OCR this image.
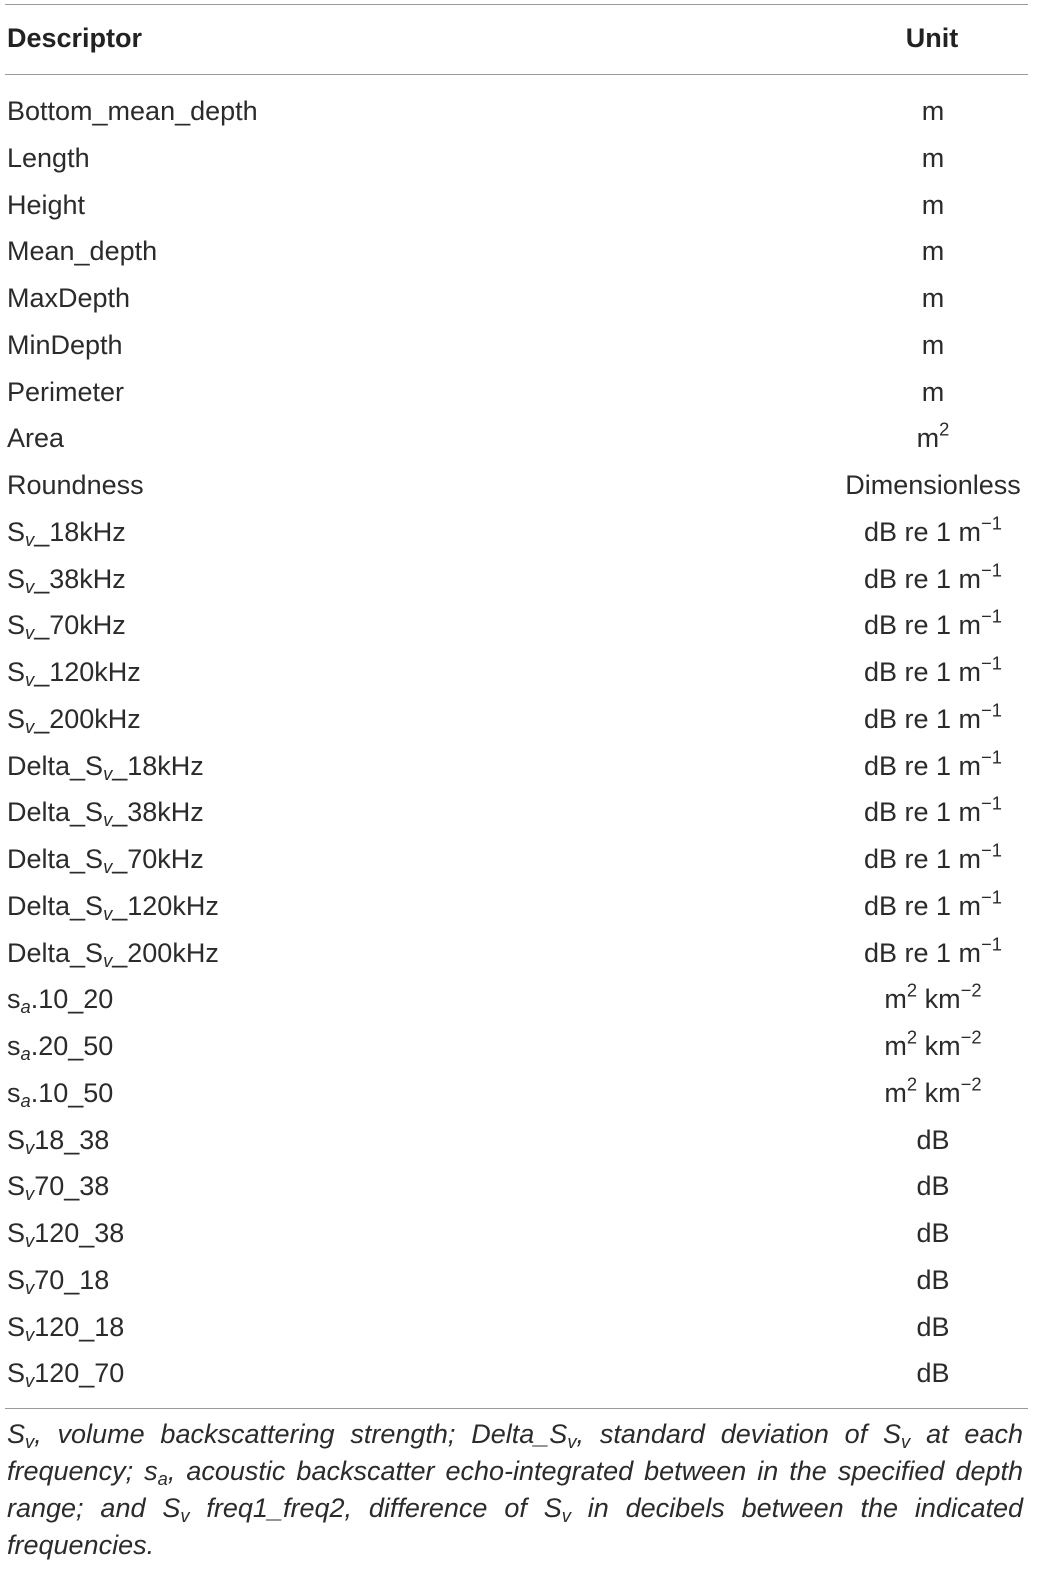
Descriptor	Unit
Bottom_mean_depth	m
Length	m
Height	m
Mean_depth	m
MaxDepth	m
MinDepth	m
Perimeter	m
Area	$m^2$
Roundness	Dimensionless
$S_v\_18kHz$	dB re 1 $m^{-1}$
$S_v\_38kHz$	dB re 1 $m^{-1}$
$S_v\_70kHz$	dB re 1 $m^{-1}$
$S_v\_120kHz$	dB re 1 $m^{-1}$
$S_v\_200kHz$	dB re 1 $m^{-1}$
$Delta\_S_v\_18kHz$	dB re 1 $m^{-1}$
$Delta\_S_v\_38kHz$	dB re 1 $m^{-1}$
$Delta\_S_v\_70kHz$	dB re 1 $m^{-1}$
$Delta\_S_v\_120kHz$	dB re 1 $m^{-1}$
$Delta\_S_v\_200kHz$	dB re 1 $m^{-1}$
$s_a.10\_20$	$m^2$ $km^{-2}$
$s_a.20\_50$	$m^2$ $km^{-2}$
$s_a.10\_50$	$m^2$ $km^{-2}$
$S_v18\_38$	dB
$S_v70\_38$	dB
$S_v120\_38$	dB
$S_v70\_18$	dB
$S_v120\_18$	dB
$S_v120\_70$	dB
$S_v$, volume backscattering strength; $Delta\_S_v$, standard deviation of $S_v$ at each frequency; $s_a$, acoustic backscatter echo-integrated between in the specified depth range; and $S_v$ freq1_freq2, difference of $S_v$ in decibels between the indicated frequencies.
